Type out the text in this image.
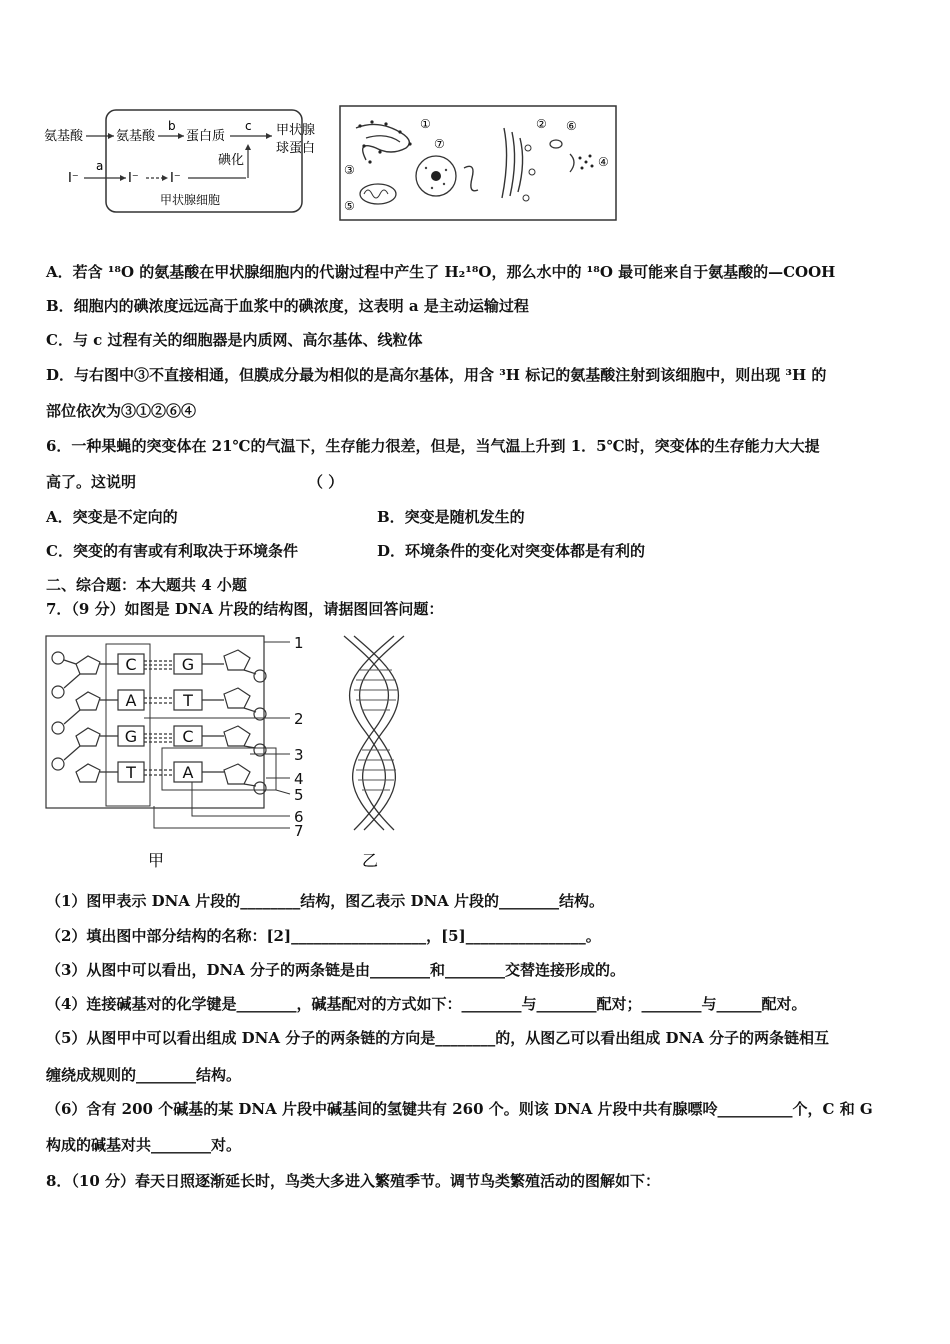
氨基酸	氨基酸
b
蛋白质
c 甲状腺
球蛋白
碘化
I⁻
a
I⁻ I⁻
甲状腺细胞
①
⑦
③
⑤
② ⑥
④
A．若含 ¹⁸O 的氨基酸在甲状腺细胞内的代谢过程中产生了 H₂¹⁸O，那么水中的 ¹⁸O 最可能来自于氨基酸的—COOH
B．细胞内的碘浓度远远高于血浆中的碘浓度，这表明 a 是主动运输过程
C．与 c 过程有关的细胞器是内质网、高尔基体、线粒体
D．与右图中③不直接相通，但膜成分最为相似的是高尔基体，用含 ³H 标记的氨基酸注射到该细胞中，则出现 ³H 的
部位依次为③①②⑥④
6．一种果蝇的突变体在 21℃的气温下，生存能力很差，但是，当气温上升到 1．5℃时，突变体的生存能力大大提
高了。这说明	（ ）
A．突变是不定向的	B．突变是随机发生的
C．突变的有害或有利取决于环境条件	D．环境条件的变化对突变体都是有利的
二、综合题：本大题共 4 小题
7．（9 分）如图是 DNA 片段的结构图，请据图回答问题：
C
A
G
T
G
T
C
A
1
2
3
4
5
6
7
甲	乙
（1）图甲表示 DNA 片段的________结构，图乙表示 DNA 片段的________结构。
（2）填出图中部分结构的名称：[2]__________________，[5]________________。
（3）从图中可以看出，DNA 分子的两条链是由________和________交替连接形成的。
（4）连接碱基对的化学键是________，碱基配对的方式如下：________与________配对；________与______配对。
（5）从图甲中可以看出组成 DNA 分子的两条链的方向是________的，从图乙可以看出组成 DNA 分子的两条链相互
缠绕成规则的________结构。
（6）含有 200 个碱基的某 DNA 片段中碱基间的氢键共有 260 个。则该 DNA 片段中共有腺嘌呤__________个，C 和 G
构成的碱基对共________对。
8．（10 分）春天日照逐渐延长时，鸟类大多进入繁殖季节。调节鸟类繁殖活动的图解如下：
